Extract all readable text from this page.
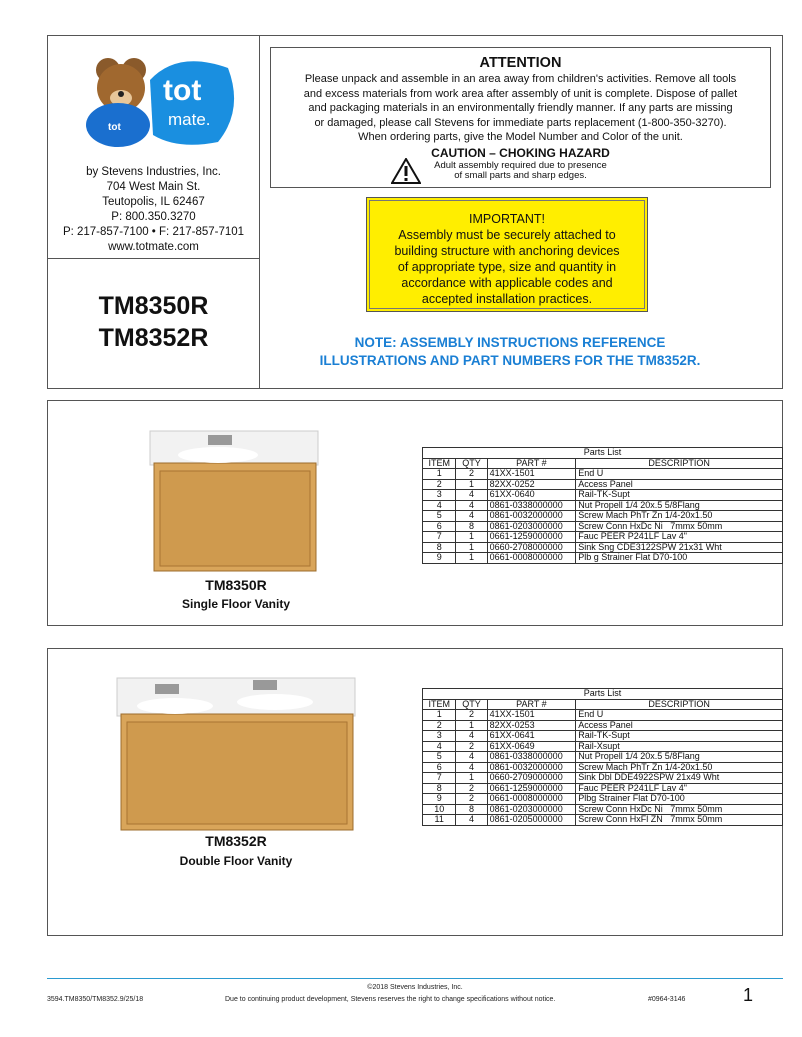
tot
tot
mate.
by Stevens Industries, Inc.
704 West Main St.
Teutopolis, IL 62467
P: 800.350.3270
P: 217-857-7100 • F: 217-857-7101
www.totmate.com
TM8350R
TM8352R
ATTENTION
Please unpack and assemble in an area away from children's activities. Remove all tools
and excess materials from work area after assembly of unit is complete. Dispose of pallet
and packaging materials in an environmentally friendly manner. If any parts are missing
or damaged, please call Stevens for immediate parts replacement (1-800-350-3270).
When ordering parts, give the Model Number and Color of the unit.
CAUTION – CHOKING HAZARD
Adult assembly required due to presence
of small parts and sharp edges.
IMPORTANT!
Assembly must be securely attached to
building structure with anchoring devices
of appropriate type, size and quantity in
accordance with applicable codes and
accepted installation practices.
NOTE: ASSEMBLY INSTRUCTIONS REFERENCE
ILLUSTRATIONS AND PART NUMBERS FOR THE TM8352R.
TM8350R
Single Floor Vanity
Parts List			
ITEM	QTY	PART #	DESCRIPTION
1	2	41XX-1501	End U
2	1	82XX-0252	Access Panel
3	4	61XX-0640	Rail-TK-Supt
4	4	0861-0338000000	Nut Propell 1/4 20x.5 5/8Flang
5	4	0861-0032000000	Screw Mach PhTr Zn 1/4-20x1.50
6	8	0861-0203000000	Screw Conn HxDc Ni   7mmx 50mm
7	1	0661-1259000000	Fauc PEER P241LF Lav 4"
8	1	0660-2708000000	Sink Sng CDE3122SPW 21x31 Wht
9	1	0661-0008000000	Plb g Strainer Flat D70-100
TM8352R
Double Floor Vanity
Parts List			
ITEM	QTY	PART #	DESCRIPTION
1	2	41XX-1501	End U
2	1	82XX-0253	Access Panel
3	4	61XX-0641	Rail-TK-Supt
4	2	61XX-0649	Rail-Xsupt
5	4	0861-0338000000	Nut Propell 1/4 20x.5 5/8Flang
6	4	0861-0032000000	Screw Mach PhTr Zn 1/4-20x1.50
7	1	0660-2709000000	Sink Dbl DDE4922SPW 21x49 Wht
8	2	0661-1259000000	Fauc PEER P241LF Lav 4"
9	2	0661-0008000000	Plbg Strainer Flat D70-100
10	8	0861-0203000000	Screw Conn HxDc Ni   7mmx 50mm
11	4	0861-0205000000	Screw Conn HxFl ZN   7mmx 50mm
©2018 Stevens Industries, Inc.
3594.TM8350/TM8352.9/25/18	Due to continuing product development, Stevens reserves the right to change specifications without notice.	#0964-3146	1
